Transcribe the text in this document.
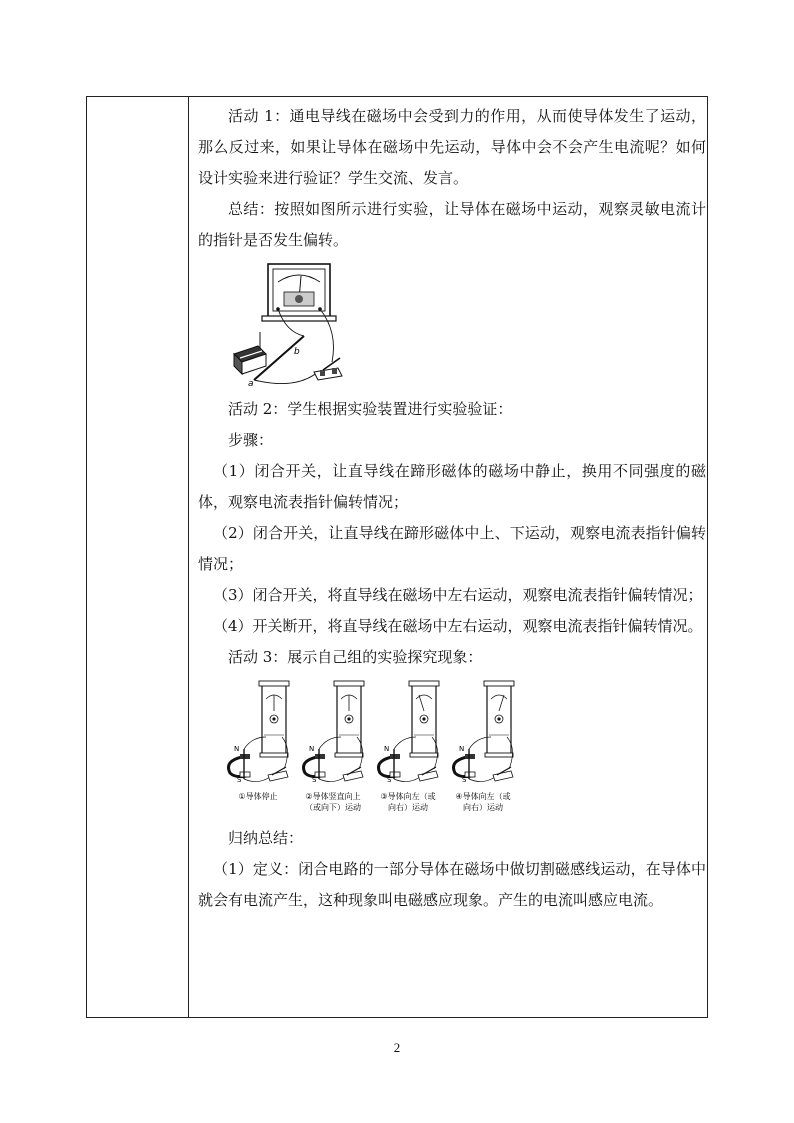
活动 1：通电导线在磁场中会受到力的作用，从而使导体发生了运动，那么反过来，如果让导体在磁场中先运动，导体中会不会产生电流呢？如何设计实验来进行验证？学生交流、发言。

总结：按照如图所示进行实验，让导体在磁场中运动，观察灵敏电流计的指针是否发生偏转。

a
b

活动 2：学生根据实验装置进行实验验证：

步骤：

（1）闭合开关，让直导线在蹄形磁体的磁场中静止，换用不同强度的磁体，观察电流表指针偏转情况；

（2）闭合开关，让直导线在蹄形磁体中上、下运动，观察电流表指针偏转情况；

（3）闭合开关，将直导线在磁场中左右运动，观察电流表指针偏转情况；

（4）开关断开，将直导线在磁场中左右运动，观察电流表指针偏转情况。

活动 3：展示自己组的实验探究现象：

N
S
①导体停止
N
S
②导体竖直向上
（或向下）运动
N
S
③导体向左（或
向右）运动
N
S
④导体向左（或
向右）运动

归纳总结：

（1）定义：闭合电路的一部分导体在磁场中做切割磁感线运动，在导体中就会有电流产生，这种现象叫电磁感应现象。产生的电流叫感应电流。

2
